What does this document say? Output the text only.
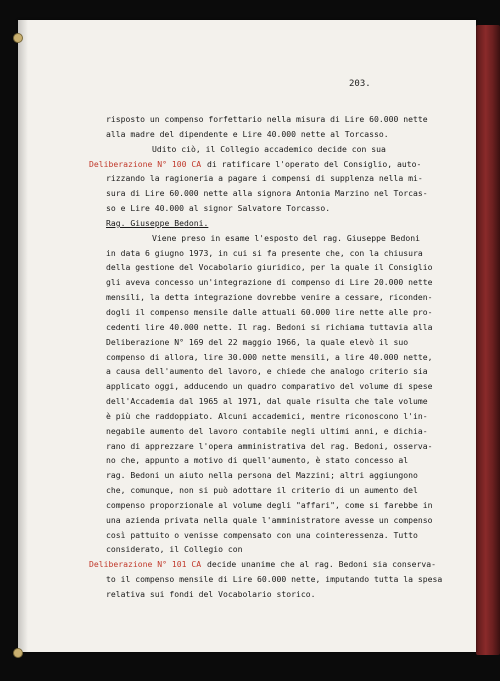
203.
risposto un compenso forfettario nella misura di Lire 60.000 nette
alla madre del dipendente e Lire 40.000 nette al Torcasso.
Udito ciò, il Collegio accademico decide con sua
Deliberazione N° 100 CA di ratificare l'operato del Consiglio, auto-
rizzando la ragioneria a pagare i compensi di supplenza nella mi-
sura di Lire 60.000 nette alla signora Antonia Marzino nel Torcas-
so e Lire 40.000 al signor Salvatore Torcasso.
Rag. Giuseppe Bedoni.
Viene preso in esame l'esposto del rag. Giuseppe Bedoni
in data 6 giugno 1973, in cui si fa presente che, con la chiusura
della gestione del Vocabolario giuridico, per la quale il Consiglio
gli aveva concesso un'integrazione di compenso di Lire 20.000 nette
mensili, la detta integrazione dovrebbe venire a cessare, riconden-
dogli il compenso mensile dalle attuali 60.000 lire nette alle pro-
cedenti lire 40.000 nette. Il rag. Bedoni si richiama tuttavia alla
Deliberazione N° 169 del 22 maggio 1966, la quale elevò il suo
compenso di allora, lire 30.000 nette mensili, a lire 40.000 nette,
a causa dell'aumento del lavoro, e chiede che analogo criterio sia
applicato oggi, adducendo un quadro comparativo del volume di spese
dell'Accademia dal 1965 al 1971, dal quale risulta che tale volume
è più che raddoppiato. Alcuni accademici, mentre riconoscono l'in-
negabile aumento del lavoro contabile negli ultimi anni, e dichia-
rano di apprezzare l'opera amministrativa del rag. Bedoni, osserva-
no che, appunto a motivo di quell'aumento, è stato concesso al
rag. Bedoni un aiuto nella persona del Mazzini; altri aggiungono
che, comunque, non si può adottare il criterio di un aumento del
compenso proporzionale al volume degli "affari", come si farebbe in
una azienda privata nella quale l'amministratore avesse un compenso
così pattuito o venisse compensato con una cointeressenza. Tutto
considerato, il Collegio con
Deliberazione N° 101 CA decide unanime che al rag. Bedoni sia conserva-
to il compenso mensile di Lire 60.000 nette, imputando tutta la spesa
relativa sui fondi del Vocabolario storico.
